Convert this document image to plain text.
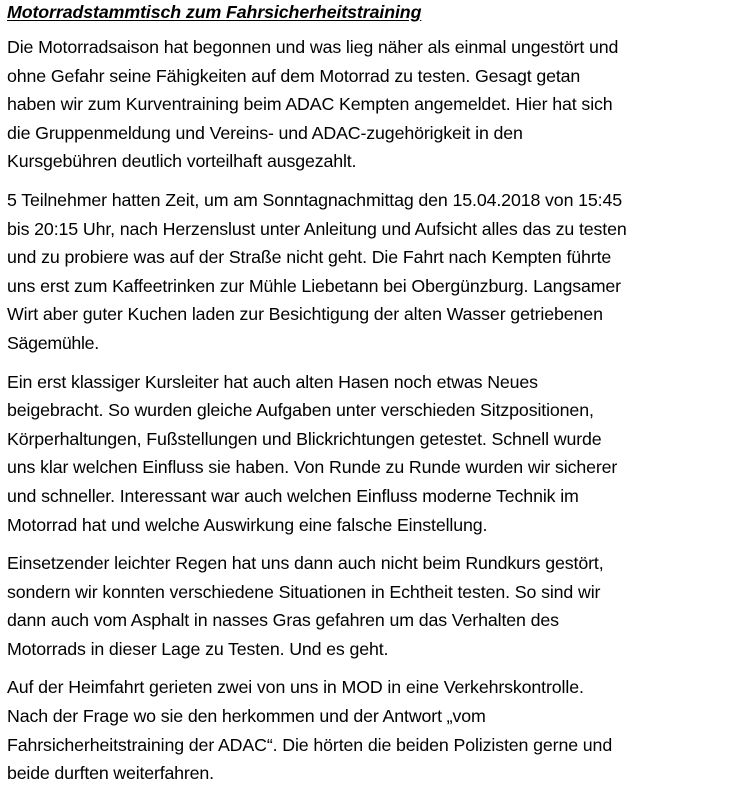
Motorradstammtisch zum Fahrsicherheitstraining

Die Motorradsaison hat begonnen und was lieg näher als einmal ungestört und
ohne Gefahr seine Fähigkeiten auf dem Motorrad zu testen. Gesagt getan
haben wir zum Kurventraining beim ADAC Kempten angemeldet. Hier hat sich
die Gruppenmeldung und Vereins- und ADAC-zugehörigkeit in den
Kursgebühren deutlich vorteilhaft ausgezahlt.

5 Teilnehmer hatten Zeit, um am Sonntagnachmittag den 15.04.2018 von 15:45
bis 20:15 Uhr, nach Herzenslust unter Anleitung und Aufsicht alles das zu testen
und zu probiere was auf der Straße nicht geht. Die Fahrt nach Kempten führte
uns erst zum Kaffeetrinken zur Mühle Liebetann bei Obergünzburg. Langsamer
Wirt aber guter Kuchen laden zur Besichtigung der alten Wasser getriebenen
Sägemühle.

Ein erst klassiger Kursleiter hat auch alten Hasen noch etwas Neues
beigebracht. So wurden gleiche Aufgaben unter verschieden Sitzpositionen,
Körperhaltungen, Fußstellungen und Blickrichtungen getestet. Schnell wurde
uns klar welchen Einfluss sie haben. Von Runde zu Runde wurden wir sicherer
und schneller. Interessant war auch welchen Einfluss moderne Technik im
Motorrad hat und welche Auswirkung eine falsche Einstellung.

Einsetzender leichter Regen hat uns dann auch nicht beim Rundkurs gestört,
sondern wir konnten verschiedene Situationen in Echtheit testen. So sind wir
dann auch vom Asphalt in nasses Gras gefahren um das Verhalten des
Motorrads in dieser Lage zu Testen. Und es geht.

Auf der Heimfahrt gerieten zwei von uns in MOD in eine Verkehrskontrolle.
Nach der Frage wo sie den herkommen und der Antwort „vom
Fahrsicherheitstraining der ADAC“. Die hörten die beiden Polizisten gerne und
beide durften weiterfahren.
